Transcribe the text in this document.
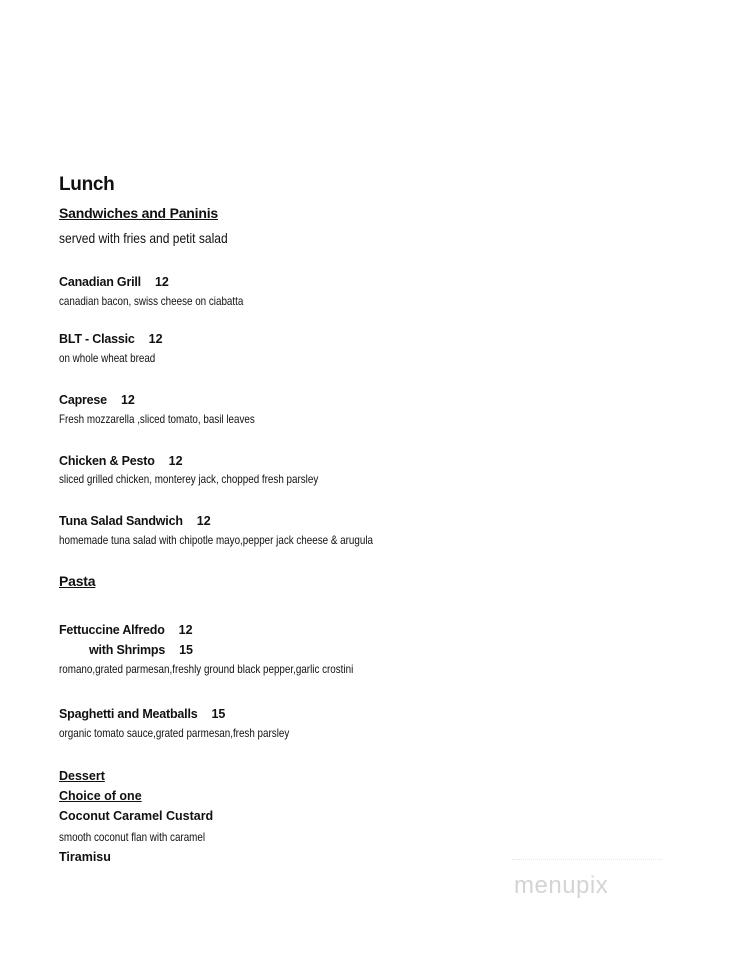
Lunch
Sandwiches and Paninis
served with fries and petit salad
Canadian Grill 12
canadian bacon, swiss cheese on ciabatta
BLT - Classic 12
on whole wheat bread
Caprese 12
Fresh mozzarella ,sliced tomato, basil leaves
Chicken & Pesto 12
sliced grilled chicken, monterey jack, chopped fresh parsley
Tuna Salad Sandwich 12
homemade tuna salad with chipotle mayo,pepper jack cheese & arugula
Pasta
Fettuccine Alfredo 12
with Shrimps 15
romano,grated parmesan,freshly ground black pepper,garlic crostini
Spaghetti and Meatballs 15
organic tomato sauce,grated parmesan,fresh parsley
Dessert
Choice of one
Coconut Caramel Custard
smooth coconut flan with caramel
Tiramisu
menupix
